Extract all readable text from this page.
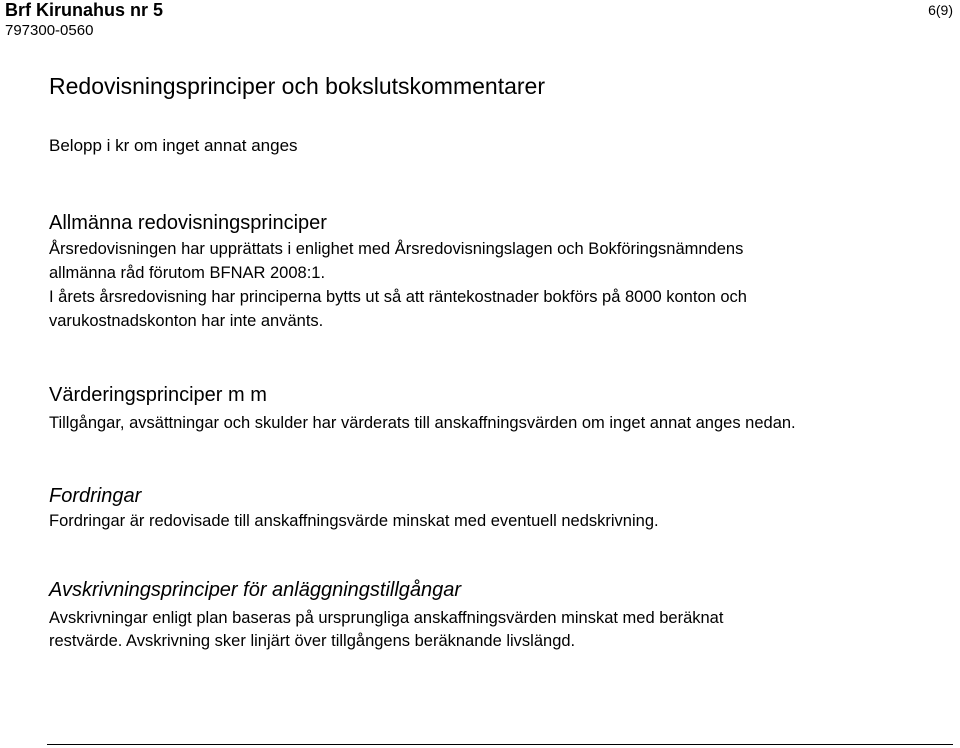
Brf Kirunahus nr 5
797300-0560
6(9)
Redovisningsprinciper och bokslutskommentarer
Belopp i kr om inget annat anges
Allmänna redovisningsprinciper
Årsredovisningen har upprättats i enlighet med Årsredovisningslagen och Bokföringsnämndens
allmänna råd förutom BFNAR 2008:1.
I årets årsredovisning har principerna bytts ut så att räntekostnader bokförs på 8000 konton och
varukostnadskonton har inte använts.
Värderingsprinciper m m
Tillgångar, avsättningar och skulder har värderats till anskaffningsvärden om inget annat anges nedan.
Fordringar
Fordringar är redovisade till anskaffningsvärde minskat med eventuell nedskrivning.
Avskrivningsprinciper för anläggningstillgångar
Avskrivningar enligt plan baseras på ursprungliga anskaffningsvärden minskat med beräknat
restvärde. Avskrivning sker linjärt över tillgångens beräknande livslängd.
